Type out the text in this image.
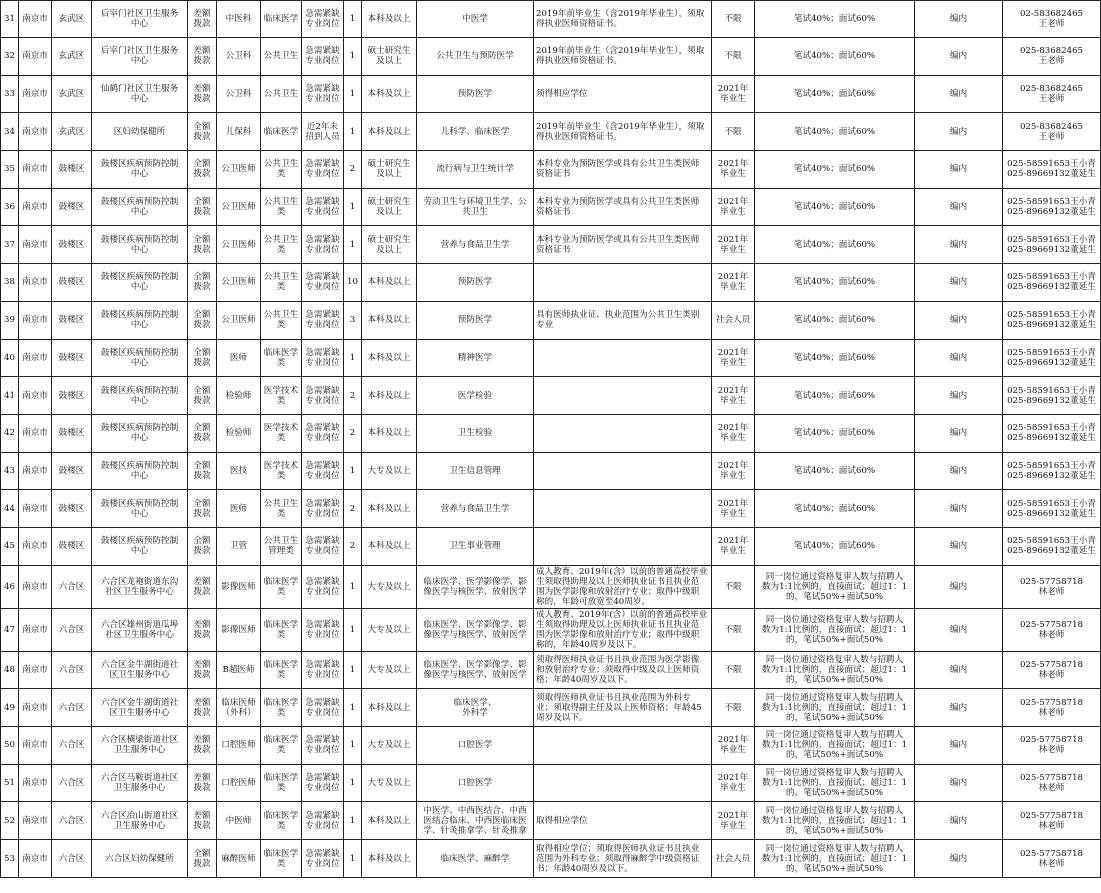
31	南京市	玄武区	后宰门社区卫生服务
中心	差额
拨款	中医科	临床医学	急需紧缺
专业岗位	1	本科及以上	中医学	2019年前毕业生（含2019年毕业生），须取
得执业医师资格证书。	不限	笔试40%；面试60%	编内	02-583682465
王老师
32	南京市	玄武区	后宰门社区卫生服务
中心	差额
拨款	公卫科	公共卫生	急需紧缺
专业岗位	1	硕士研究生
及以上	公共卫生与预防医学	2019年前毕业生（含2019年毕业生），须取
得执业医师资格证书。	不限	笔试40%；面试60%	编内	025-83682465
王老师
33	南京市	玄武区	仙鹤门社区卫生服务
中心	差额
拨款	公卫科	公共卫生	急需紧缺
专业岗位	1	本科及以上	预防医学	须得相应学位	2021年
毕业生	笔试40%；面试60%	编内	025-83682465
王老师
34	南京市	玄武区	区妇幼保健所	全额
拨款	儿保科	临床医学	近2年未
招到人员	1	本科及以上	儿科学、临床医学	2019年前毕业生（含2019年毕业生），须取
得执业医师资格证书。	不限	笔试40%；面试60%	编内	025-83682465
王老师
35	南京市	鼓楼区	鼓楼区疾病预防控制
中心	全额
拨款	公卫医师	公共卫生
类	急需紧缺
专业岗位	2	硕士研究生
及以上	流行病与卫生统计学	本科专业为预防医学或具有公共卫生类医师
资格证书	2021年
毕业生	笔试40%；面试60%	编内	025-58591653王小青
025-89669132董延生
36	南京市	鼓楼区	鼓楼区疾病预防控制
中心	全额
拨款	公卫医师	公共卫生
类	急需紧缺
专业岗位	1	硕士研究生
及以上	劳动卫生与环境卫生学、公
共卫生	本科专业为预防医学或具有公共卫生类医师
资格证书	2021年
毕业生	笔试40%；面试60%	编内	025-58591653王小青
025-89669132董延生
37	南京市	鼓楼区	鼓楼区疾病预防控制
中心	全额
拨款	公卫医师	公共卫生
类	急需紧缺
专业岗位	1	硕士研究生
及以上	营养与食品卫生学	本科专业为预防医学或具有公共卫生类医师
资格证书	2021年
毕业生	笔试40%；面试60%	编内	025-58591653王小青
025-89669132董延生
38	南京市	鼓楼区	鼓楼区疾病预防控制
中心	全额
拨款	公卫医师	公共卫生
类	急需紧缺
专业岗位	10	本科及以上	预防医学		2021年
毕业生	笔试40%；面试60%	编内	025-58591653王小青
025-89669132董延生
39	南京市	鼓楼区	鼓楼区疾病预防控制
中心	全额
拨款	公卫医师	公共卫生
类	急需紧缺
专业岗位	3	本科及以上	预防医学	具有医师执业证、执业范围为公共卫生类别
专业	社会人员	笔试40%；面试60%	编内	025-58591653王小青
025-89669132董延生
40	南京市	鼓楼区	鼓楼区疾病预防控制
中心	全额
拨款	医师	临床医学
类	急需紧缺
专业岗位	1	本科及以上	精神医学		2021年
毕业生	笔试40%；面试60%	编内	025-58591653王小青
025-89669132董延生
41	南京市	鼓楼区	鼓楼区疾病预防控制
中心	全额
拨款	检验师	医学技术
类	急需紧缺
专业岗位	2	本科及以上	医学检验		2021年
毕业生	笔试40%；面试60%	编内	025-58591653王小青
025-89669132董延生
42	南京市	鼓楼区	鼓楼区疾病预防控制
中心	全额
拨款	检验师	医学技术
类	急需紧缺
专业岗位	2	本科及以上	卫生检验		2021年
毕业生	笔试40%；面试60%	编内	025-58591653王小青
025-89669132董延生
43	南京市	鼓楼区	鼓楼区疾病预防控制
中心	全额
拨款	医技	医学技术
类	急需紧缺
专业岗位	1	大专及以上	卫生信息管理		2021年
毕业生	笔试40%；面试60%	编内	025-58591653王小青
025-89669132董延生
44	南京市	鼓楼区	鼓楼区疾病预防控制
中心	全额
拨款	医师	公共卫生
类	急需紧缺
专业岗位	2	本科及以上	营养与食品卫生学		2021年
毕业生	笔试40%；面试60%	编内	025-58591653王小青
025-89669132董延生
45	南京市	鼓楼区	鼓楼区疾病预防控制
中心	全额
拨款	卫管	公共卫生
管理类	急需紧缺
专业岗位	2	本科及以上	卫生事业管理		2021年
毕业生	笔试40%；面试60%	编内	025-58591653王小青
025-89669132董延生
46	南京市	六合区	六合区龙袍街道东沟
社区卫生服务中心	差额
拨款	影像医师	临床医学
类	急需紧缺
专业岗位	1	大专及以上	临床医学、医学影像学、影
像医学与核医学、放射医学	成人教育、2019年(含）以前的普通高校毕业
生须取得助理及以上医师执业证书且执业范
围为医学影像和放射治疗专业；取得中级职
称的，年龄可放宽至40周岁。	不限	同一岗位通过资格复审人数与招聘人
数为1:1比例的，直接面试；超过1：1
的，笔试50%+面试50%	编内	025-57758718
林老师
47	南京市	六合区	六合区雄州街道瓜埠
社区卫生服务中心	差额
拨款	影像医师	临床医学
类	急需紧缺
专业岗位	1	大专及以上	临床医学、医学影像学、影
像医学与核医学、放射医学	成人教育、2019年(含）以前的普通高校毕业
生须取得助理及以上医师执业证书且执业范
围为医学影像和放射治疗专业；取得中级职
称的，年龄40周岁及以下。	不限	同一岗位通过资格复审人数与招聘人
数为1:1比例的，直接面试；超过1：1
的，笔试50%+面试50%	编内	025-57758718
林老师
48	南京市	六合区	六合区金牛湖街道社
区卫生服务中心	差额
拨款	B超医师	临床医学
类	急需紧缺
专业岗位	1	大专及以上	临床医学、医学影像学、影
像医学与核医学、放射医学	须取得医师执业证书且执业范围为医学影像
和放射治疗专业；须取得中级及以上医师资
格；年龄40周岁及以下。	不限	同一岗位通过资格复审人数与招聘人
数为1:1比例的，直接面试；超过1：1
的，笔试50%+面试50%	编内	025-57758718
林老师
49	南京市	六合区	六合区金牛湖街道社
区卫生服务中心	差额
拨款	临床医师
（外科）	临床医学
类	急需紧缺
专业岗位	1	本科及以上	临床医学、
外科学	须取得医师执业证书且执业范围为外科专
业；须取得副主任及以上医师资格；年龄45
周岁及以下。	不限	同一岗位通过资格复审人数与招聘人
数为1:1比例的，直接面试；超过1：1
的，笔试50%+面试50%	编内	025-57758718
林老师
50	南京市	六合区	六合区横梁街道社区
卫生服务中心	差额
拨款	口腔医师	临床医学
类	急需紧缺
专业岗位	1	大专及以上	口腔医学		2021年
毕业生	同一岗位通过资格复审人数与招聘人
数为1:1比例的，直接面试；超过1：1
的，笔试50%+面试50%	编内	025-57758718
林老师
51	南京市	六合区	六合区马鞍街道社区
卫生服务中心	差额
拨款	口腔医师	临床医学
类	急需紧缺
专业岗位	1	大专及以上	口腔医学		2021年
毕业生	同一岗位通过资格复审人数与招聘人
数为1:1比例的，直接面试；超过1：1
的，笔试50%+面试50%	编内	025-57758718
林老师
52	南京市	六合区	六合区冶山街道社区
卫生服务中心	差额
拨款	中医师	临床医学
类	急需紧缺
专业岗位	1	本科及以上	中医学、中西医结合、中西
医结合临床、中西医临床医
学、针灸推拿学、针灸推拿	取得相应学位	2021年
毕业生	同一岗位通过资格复审人数与招聘人
数为1:1比例的，直接面试；超过1：1
的，笔试50%+面试50%	编内	025-57758718
林老师
53	南京市	六合区	六合区妇幼保健所	全额
拨款	麻醉医师	临床医学
类	急需紧缺
专业岗位	1	本科及以上	临床医学、麻醉学	取得相应学位；须取得医师执业证书且执业
范围为外科专业；须取得麻醉学中级资格证
书；年龄40周岁及以下。	社会人员	同一岗位通过资格复审人数与招聘人
数为1:1比例的，直接面试；超过1：1
的，笔试50%+面试50%	编内	025-57758718
林老师
